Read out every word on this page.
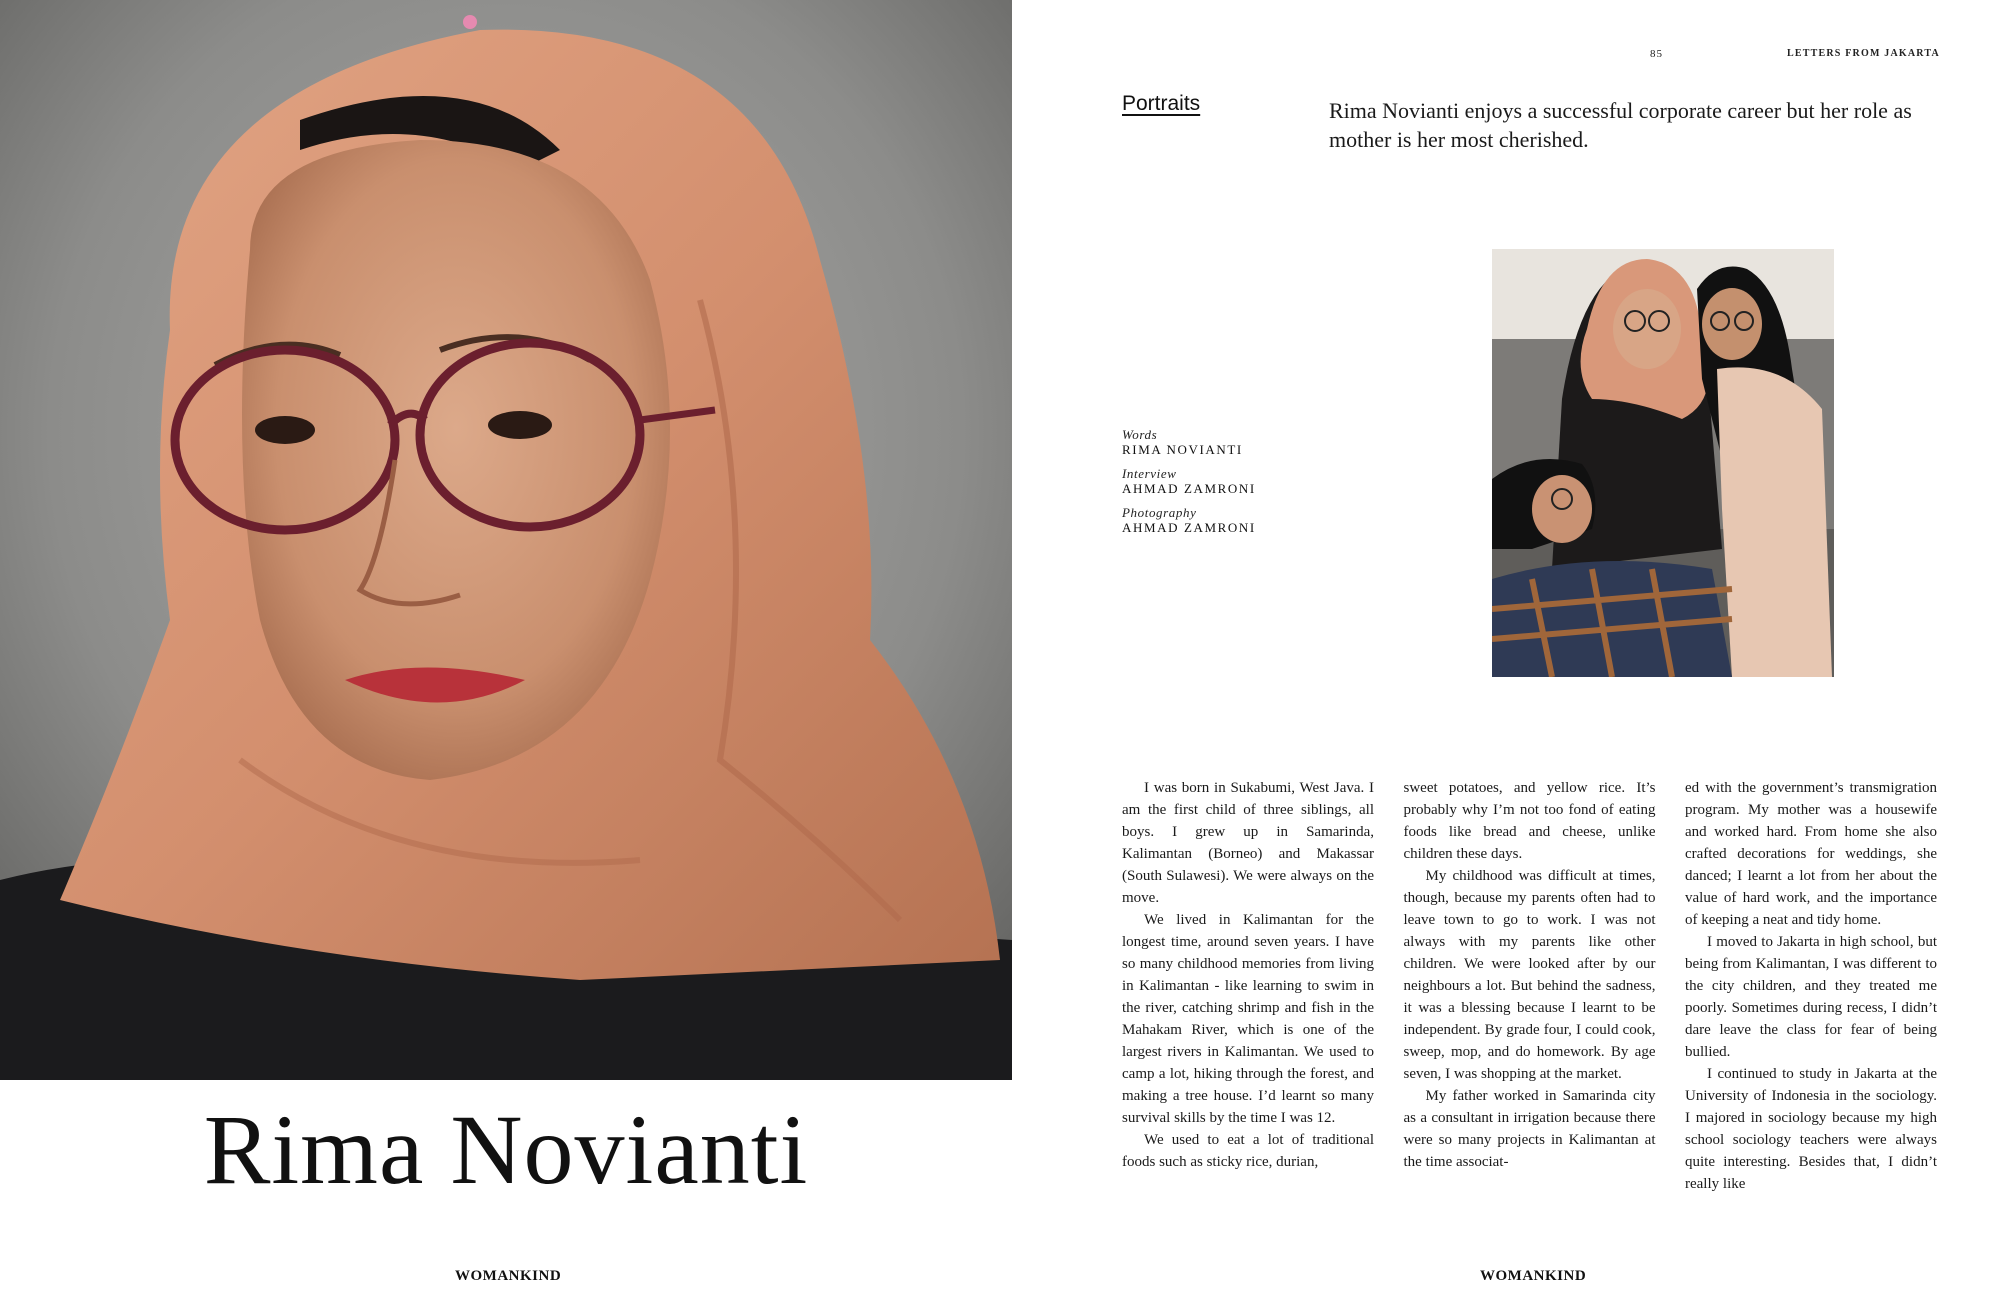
Rima Novianti
WOMANKIND
85	LETTERS FROM JAKARTA
Portraits	Rima Novianti enjoys a successful corporate career but her role as mother is her most cherished.
Words
RIMA NOVIANTI
Interview
AHMAD ZAMRONI
Photography
AHMAD ZAMRONI

I was born in Sukabumi, West Java. I am the first child of three siblings, all boys. I grew up in Samarinda, Kalimantan (Borneo) and Makassar (South Sulawesi). We were always on the move.

We lived in Kalimantan for the longest time, around seven years. I have so many childhood memories from living in Kalimantan - like learning to swim in the river, catching shrimp and fish in the Mahakam River, which is one of the largest rivers in Kalimantan. We used to camp a lot, hiking through the forest, and making a tree house. I’d learnt so many survival skills by the time I was 12.

We used to eat a lot of traditional foods such as sticky rice, durian,

sweet potatoes, and yellow rice. It’s probably why I’m not too fond of eating foods like bread and cheese, unlike children these days.

My childhood was difficult at times, though, because my parents often had to leave town to go to work. I was not always with my parents like other children. We were looked after by our neighbours a lot. But behind the sadness, it was a blessing because I learnt to be independent. By grade four, I could cook, sweep, mop, and do homework. By age seven, I was shopping at the market.

My father worked in Samarinda city as a consultant in irrigation because there were so many projects in Kalimantan at the time associat-

ed with the government’s transmigration program. My mother was a housewife and worked hard. From home she also crafted decorations for weddings, she danced; I learnt a lot from her about the value of hard work, and the importance of keeping a neat and tidy home.

I moved to Jakarta in high school, but being from Kalimantan, I was different to the city children, and they treated me poorly. Sometimes during recess, I didn’t dare leave the class for fear of being bullied.

I continued to study in Jakarta at the University of Indonesia in the sociology. I majored in sociology because my high school sociology teachers were always quite interesting. Besides that, I didn’t really like

WOMANKIND
